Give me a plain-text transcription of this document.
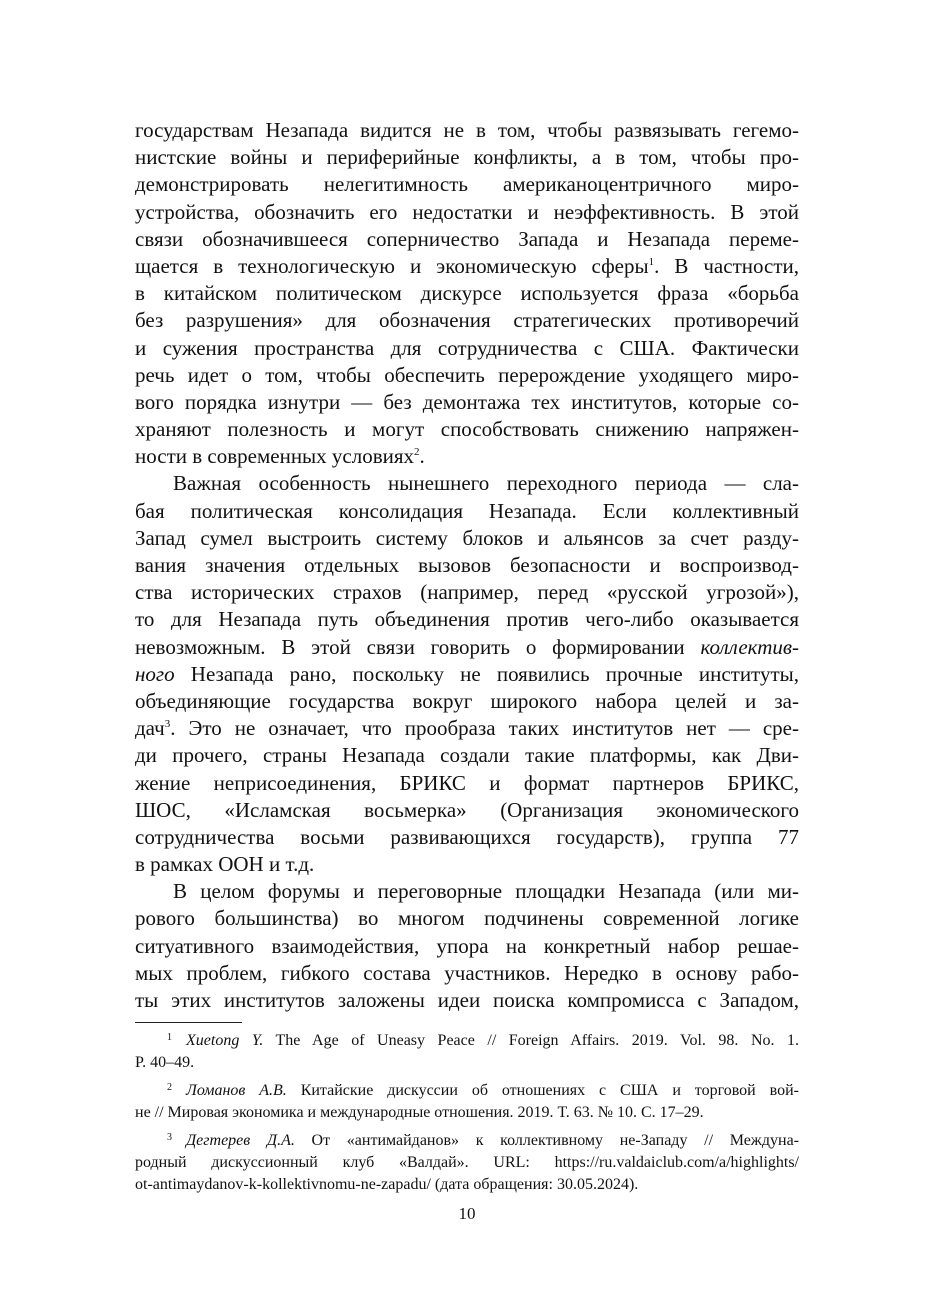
государствам Незапада видится не в том, чтобы развязывать гегемо-
нистские войны и периферийные конфликты, а в том, чтобы про-
демонстрировать нелегитимность американоцентричного миро-
устройства, обозначить его недостатки и неэффективность. В этой
связи обозначившееся соперничество Запада и Незапада переме-
щается в технологическую и экономическую сферы$^1$. В частности,
в китайском политическом дискурсе используется фраза «борьба
без разрушения» для обозначения стратегических противоречий
и сужения пространства для сотрудничества с США. Фактически
речь идет о том, чтобы обеспечить перерождение уходящего миро-
вого порядка изнутри — без демонтажа тех институтов, которые со-
храняют полезность и могут способствовать снижению напряжен-
ности в современных условиях$^2$.
Важная особенность нынешнего переходного периода — сла-
бая политическая консолидация Незапада. Если коллективный
Запад сумел выстроить систему блоков и альянсов за счет разду-
вания значения отдельных вызовов безопасности и воспроизвод-
ства исторических страхов (например, перед «русской угрозой»),
то для Незапада путь объединения против чего-либо оказывается
невозможным. В этой связи говорить о формировании коллектив-
ного Незапада рано, поскольку не появились прочные институты,
объединяющие государства вокруг широкого набора целей и за-
дач$^3$. Это не означает, что прообраза таких институтов нет — сре-
ди прочего, страны Незапада создали такие платформы, как Дви-
жение неприсоединения, БРИКС и формат партнеров БРИКС,
ШОС, «Исламская восьмерка» (Организация экономического
сотрудничества восьми развивающихся государств), группа 77
в рамках ООН и т.д.
В целом форумы и переговорные площадки Незапада (или ми-
рового большинства) во многом подчинены современной логике
ситуативного взаимодействия, упора на конкретный набор решае-
мых проблем, гибкого состава участников. Нередко в основу рабо-
ты этих институтов заложены идеи поиска компромисса с Западом,
$^1$ Xuetong Y. The Age of Uneasy Peace // Foreign Affairs. 2019. Vol. 98. No. 1.
P. 40–49.
$^2$ Ломанов А.В. Китайские дискуссии об отношениях с США и торговой вой-
не // Мировая экономика и международные отношения. 2019. Т. 63. № 10. С. 17–29.
$^3$ Дегтерев Д.А. От «антимайданов» к коллективному не-Западу // Междуна-
родный дискуссионный клуб «Валдай». URL: https://ru.valdaiclub.com/a/highlights/
ot-antimaydanov-k-kollektivnomu-ne-zapadu/ (дата обращения: 30.05.2024).
10
